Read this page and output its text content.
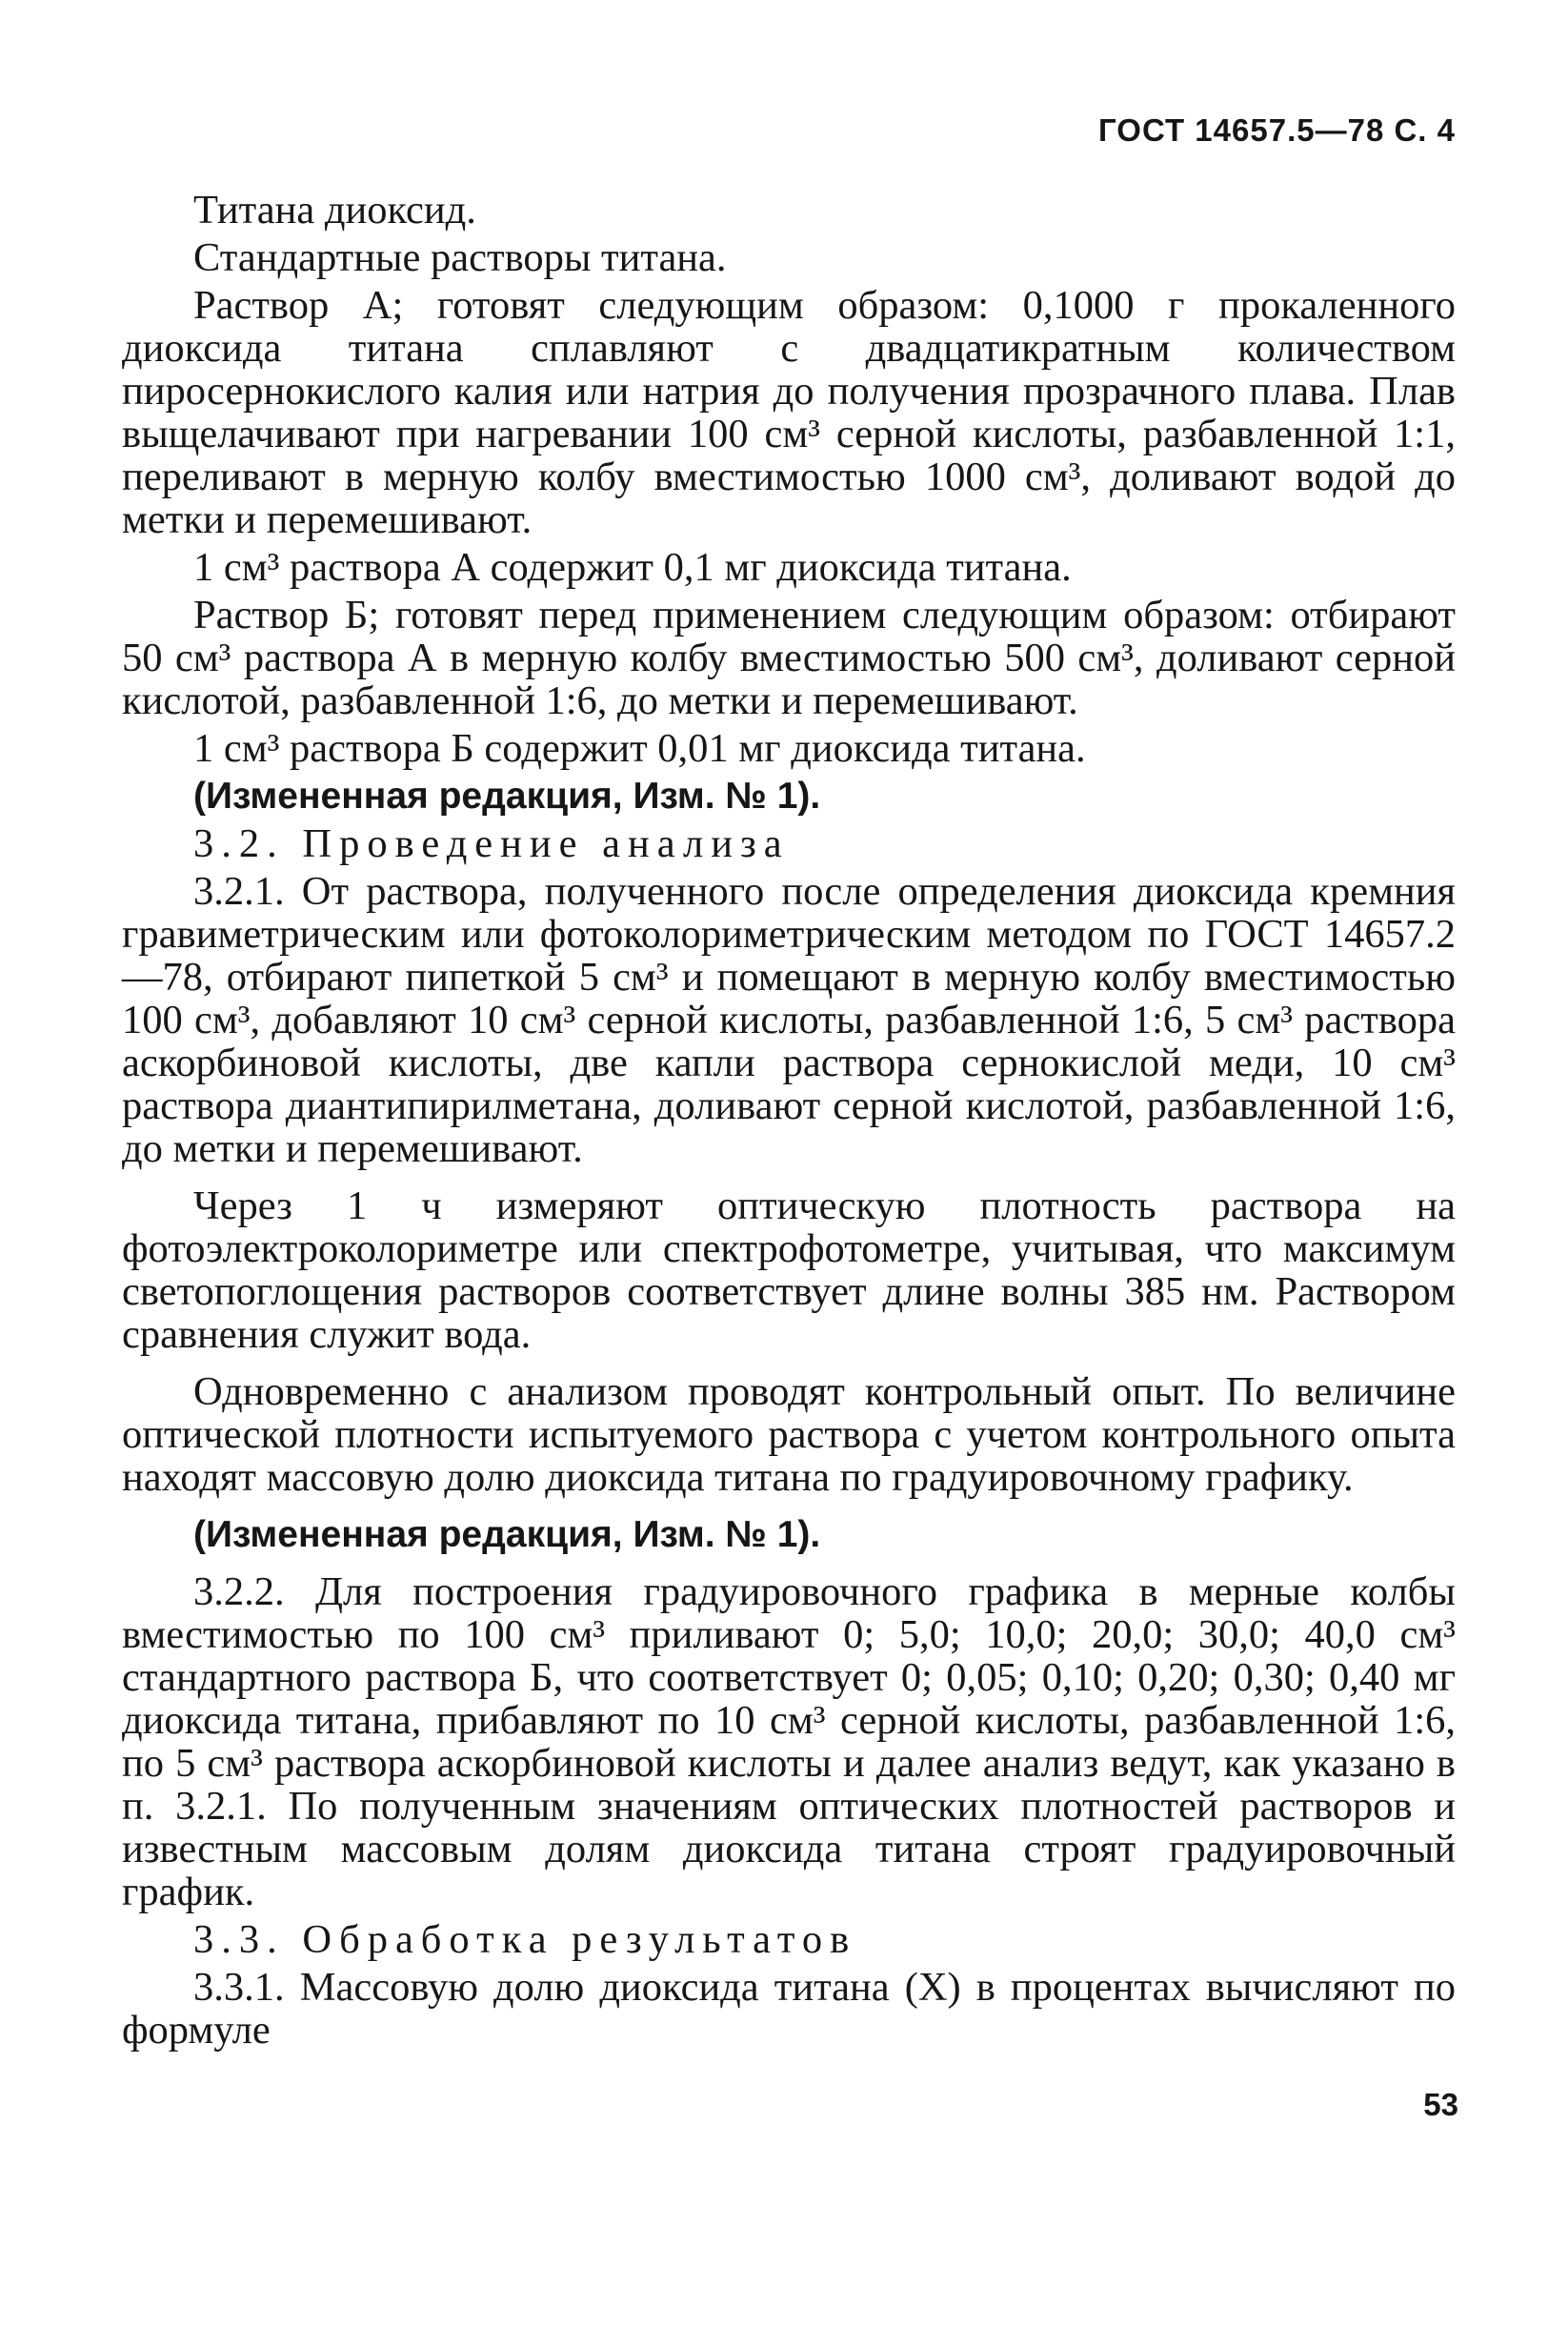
ГОСТ 14657.5—78 С. 4

Титана диоксид.

Стандартные растворы титана.

Раствор А; готовят следующим образом: 0,1000 г прокаленного диоксида титана сплавляют с двадцатикратным количеством пиросернокислого калия или натрия до получения прозрачного плава. Плав выщелачивают при нагревании 100 см³ серной кислоты, разбавленной 1:1, переливают в мерную колбу вместимостью 1000 см³, доливают водой до метки и перемешивают.

1 см³ раствора А содержит 0,1 мг диоксида титана.

Раствор Б; готовят перед применением следующим образом: отбирают 50 см³ раствора А в мерную колбу вместимостью 500 см³, доливают серной кислотой, разбавленной 1:6, до метки и перемешивают.

1 см³ раствора Б содержит 0,01 мг диоксида титана.

(Измененная редакция, Изм. № 1).

3.2. Проведение анализа

3.2.1. От раствора, полученного после определения диоксида кремния гравиметрическим или фотоколориметрическим методом по ГОСТ 14657.2—78, отбирают пипеткой 5 см³ и помещают в мерную колбу вместимостью 100 см³, добавляют 10 см³ серной кислоты, разбавленной 1:6, 5 см³ раствора аскорбиновой кислоты, две капли раствора сернокислой меди, 10 см³ раствора диантипирилметана, доливают серной кислотой, разбавленной 1:6, до метки и перемешивают.

Через 1 ч измеряют оптическую плотность раствора на фотоэлектроколориметре или спектрофотометре, учитывая, что максимум светопоглощения растворов соответствует длине волны 385 нм. Раствором сравнения служит вода.

Одновременно с анализом проводят контрольный опыт. По величине оптической плотности испытуемого раствора с учетом контрольного опыта находят массовую долю диоксида титана по градуировочному графику.

(Измененная редакция, Изм. № 1).

3.2.2. Для построения градуировочного графика в мерные колбы вместимостью по 100 см³ приливают 0; 5,0; 10,0; 20,0; 30,0; 40,0 см³ стандартного раствора Б, что соответствует 0; 0,05; 0,10; 0,20; 0,30; 0,40 мг диоксида титана, прибавляют по 10 см³ серной кислоты, разбавленной 1:6, по 5 см³ раствора аскорбиновой кислоты и далее анализ ведут, как указано в п. 3.2.1. По полученным значениям оптических плотностей растворов и известным массовым долям диоксида титана строят градуировочный график.

3.3. Обработка результатов

3.3.1. Массовую долю диоксида титана (X) в процентах вычисляют по формуле

53
